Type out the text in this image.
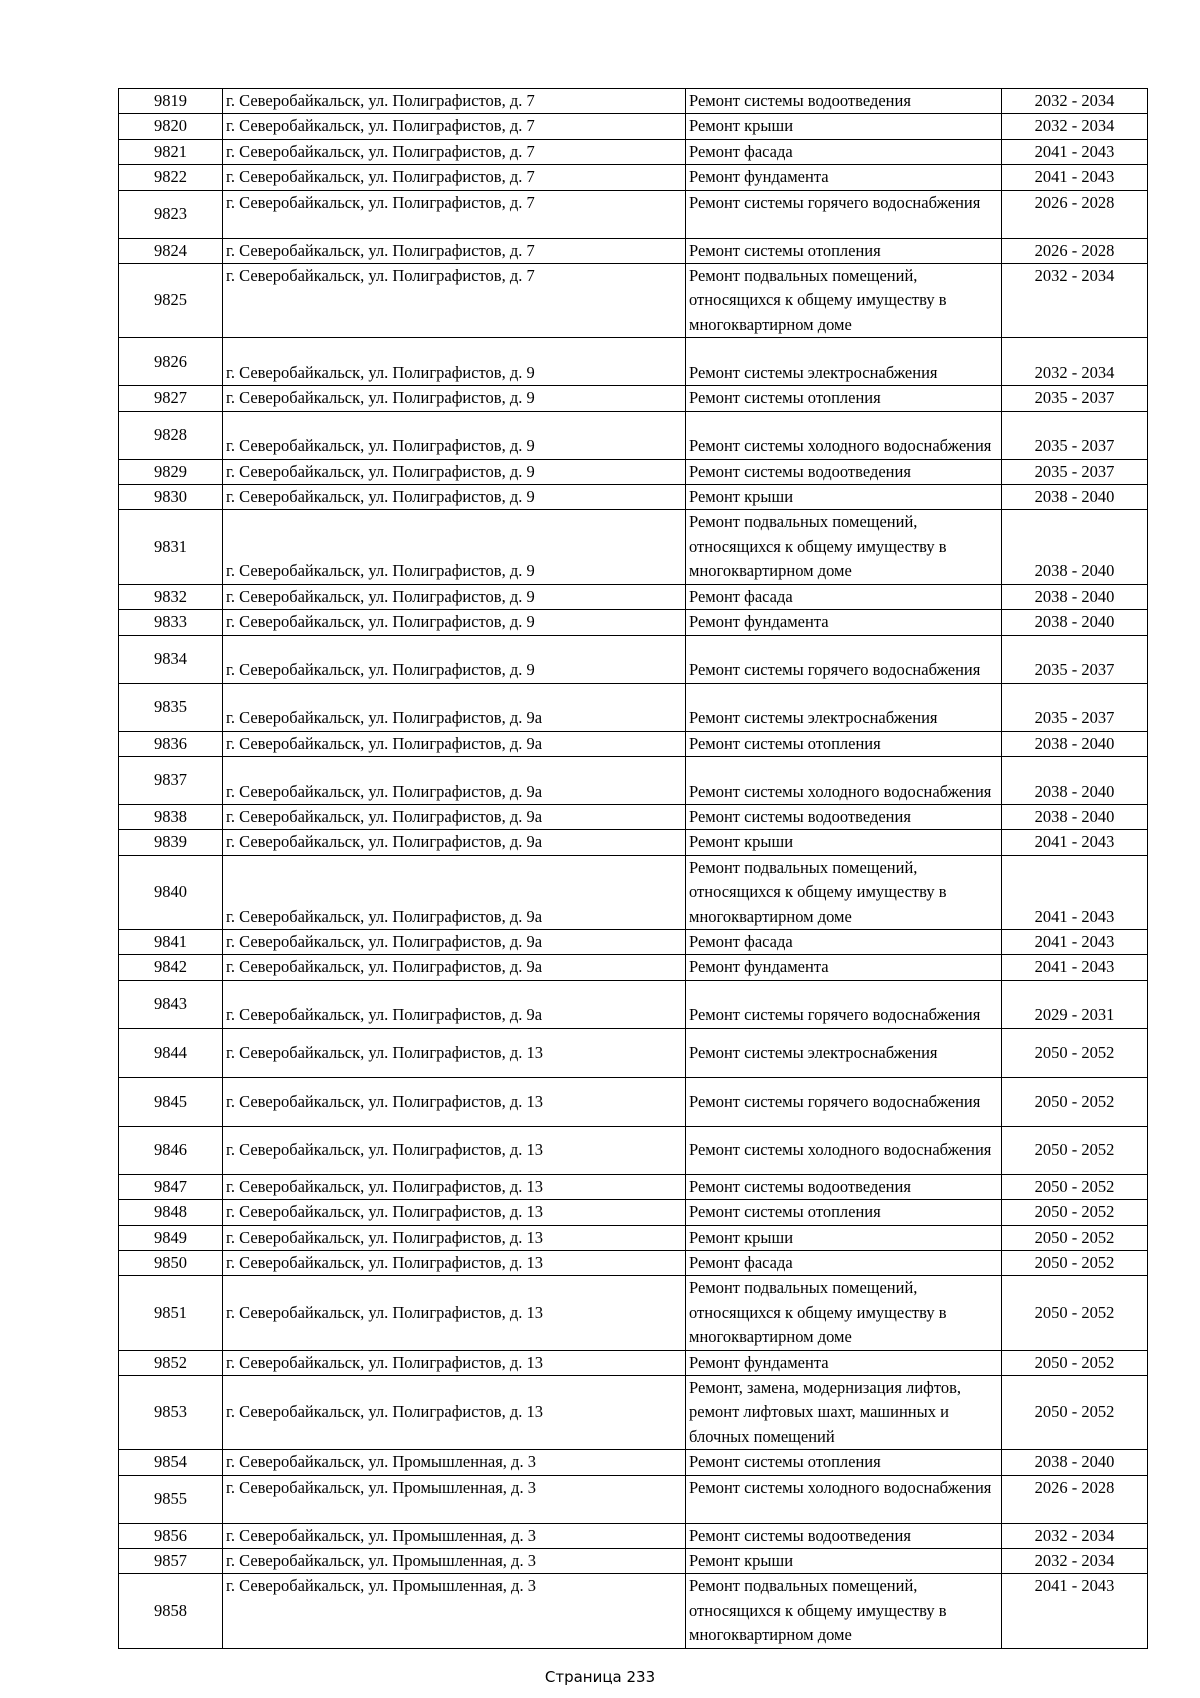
9819	г. Северобайкальск, ул. Полиграфистов, д. 7	Ремонт системы водоотведения	2032 - 2034
9820	г. Северобайкальск, ул. Полиграфистов, д. 7	Ремонт крыши	2032 - 2034
9821	г. Северобайкальск, ул. Полиграфистов, д. 7	Ремонт фасада	2041 - 2043
9822	г. Северобайкальск, ул. Полиграфистов, д. 7	Ремонт фундамента	2041 - 2043
9823	г. Северобайкальск, ул. Полиграфистов, д. 7	Ремонт системы горячего водоснабжения	2026 - 2028
9824	г. Северобайкальск, ул. Полиграфистов, д. 7	Ремонт системы отопления	2026 - 2028
9825	г. Северобайкальск, ул. Полиграфистов, д. 7	Ремонт подвальных помещений, относящихся к общему имуществу в многоквартирном доме	2032 - 2034
9826	г. Северобайкальск, ул. Полиграфистов, д. 9	Ремонт системы электроснабжения	2032 - 2034
9827	г. Северобайкальск, ул. Полиграфистов, д. 9	Ремонт системы отопления	2035 - 2037
9828	г. Северобайкальск, ул. Полиграфистов, д. 9	Ремонт системы холодного водоснабжения	2035 - 2037
9829	г. Северобайкальск, ул. Полиграфистов, д. 9	Ремонт системы водоотведения	2035 - 2037
9830	г. Северобайкальск, ул. Полиграфистов, д. 9	Ремонт крыши	2038 - 2040
9831	г. Северобайкальск, ул. Полиграфистов, д. 9	Ремонт подвальных помещений, относящихся к общему имуществу в многоквартирном доме	2038 - 2040
9832	г. Северобайкальск, ул. Полиграфистов, д. 9	Ремонт фасада	2038 - 2040
9833	г. Северобайкальск, ул. Полиграфистов, д. 9	Ремонт фундамента	2038 - 2040
9834	г. Северобайкальск, ул. Полиграфистов, д. 9	Ремонт системы горячего водоснабжения	2035 - 2037
9835	г. Северобайкальск, ул. Полиграфистов, д. 9а	Ремонт системы электроснабжения	2035 - 2037
9836	г. Северобайкальск, ул. Полиграфистов, д. 9а	Ремонт системы отопления	2038 - 2040
9837	г. Северобайкальск, ул. Полиграфистов, д. 9а	Ремонт системы холодного водоснабжения	2038 - 2040
9838	г. Северобайкальск, ул. Полиграфистов, д. 9а	Ремонт системы водоотведения	2038 - 2040
9839	г. Северобайкальск, ул. Полиграфистов, д. 9а	Ремонт крыши	2041 - 2043
9840	г. Северобайкальск, ул. Полиграфистов, д. 9а	Ремонт подвальных помещений, относящихся к общему имуществу в многоквартирном доме	2041 - 2043
9841	г. Северобайкальск, ул. Полиграфистов, д. 9а	Ремонт фасада	2041 - 2043
9842	г. Северобайкальск, ул. Полиграфистов, д. 9а	Ремонт фундамента	2041 - 2043
9843	г. Северобайкальск, ул. Полиграфистов, д. 9а	Ремонт системы горячего водоснабжения	2029 - 2031
9844	г. Северобайкальск, ул. Полиграфистов, д. 13	Ремонт системы электроснабжения	2050 - 2052
9845	г. Северобайкальск, ул. Полиграфистов, д. 13	Ремонт системы горячего водоснабжения	2050 - 2052
9846	г. Северобайкальск, ул. Полиграфистов, д. 13	Ремонт системы холодного водоснабжения	2050 - 2052
9847	г. Северобайкальск, ул. Полиграфистов, д. 13	Ремонт системы водоотведения	2050 - 2052
9848	г. Северобайкальск, ул. Полиграфистов, д. 13	Ремонт системы отопления	2050 - 2052
9849	г. Северобайкальск, ул. Полиграфистов, д. 13	Ремонт крыши	2050 - 2052
9850	г. Северобайкальск, ул. Полиграфистов, д. 13	Ремонт фасада	2050 - 2052
9851	г. Северобайкальск, ул. Полиграфистов, д. 13	Ремонт подвальных помещений, относящихся к общему имуществу в многоквартирном доме	2050 - 2052
9852	г. Северобайкальск, ул. Полиграфистов, д. 13	Ремонт фундамента	2050 - 2052
9853	г. Северобайкальск, ул. Полиграфистов, д. 13	Ремонт, замена, модернизация лифтов, ремонт лифтовых шахт, машинных и блочных помещений	2050 - 2052
9854	г. Северобайкальск, ул. Промышленная, д. 3	Ремонт системы отопления	2038 - 2040
9855	г. Северобайкальск, ул. Промышленная, д. 3	Ремонт системы холодного водоснабжения	2026 - 2028
9856	г. Северобайкальск, ул. Промышленная, д. 3	Ремонт системы водоотведения	2032 - 2034
9857	г. Северобайкальск, ул. Промышленная, д. 3	Ремонт крыши	2032 - 2034
9858	г. Северобайкальск, ул. Промышленная, д. 3	Ремонт подвальных помещений, относящихся к общему имуществу в многоквартирном доме	2041 - 2043
Страница 233
